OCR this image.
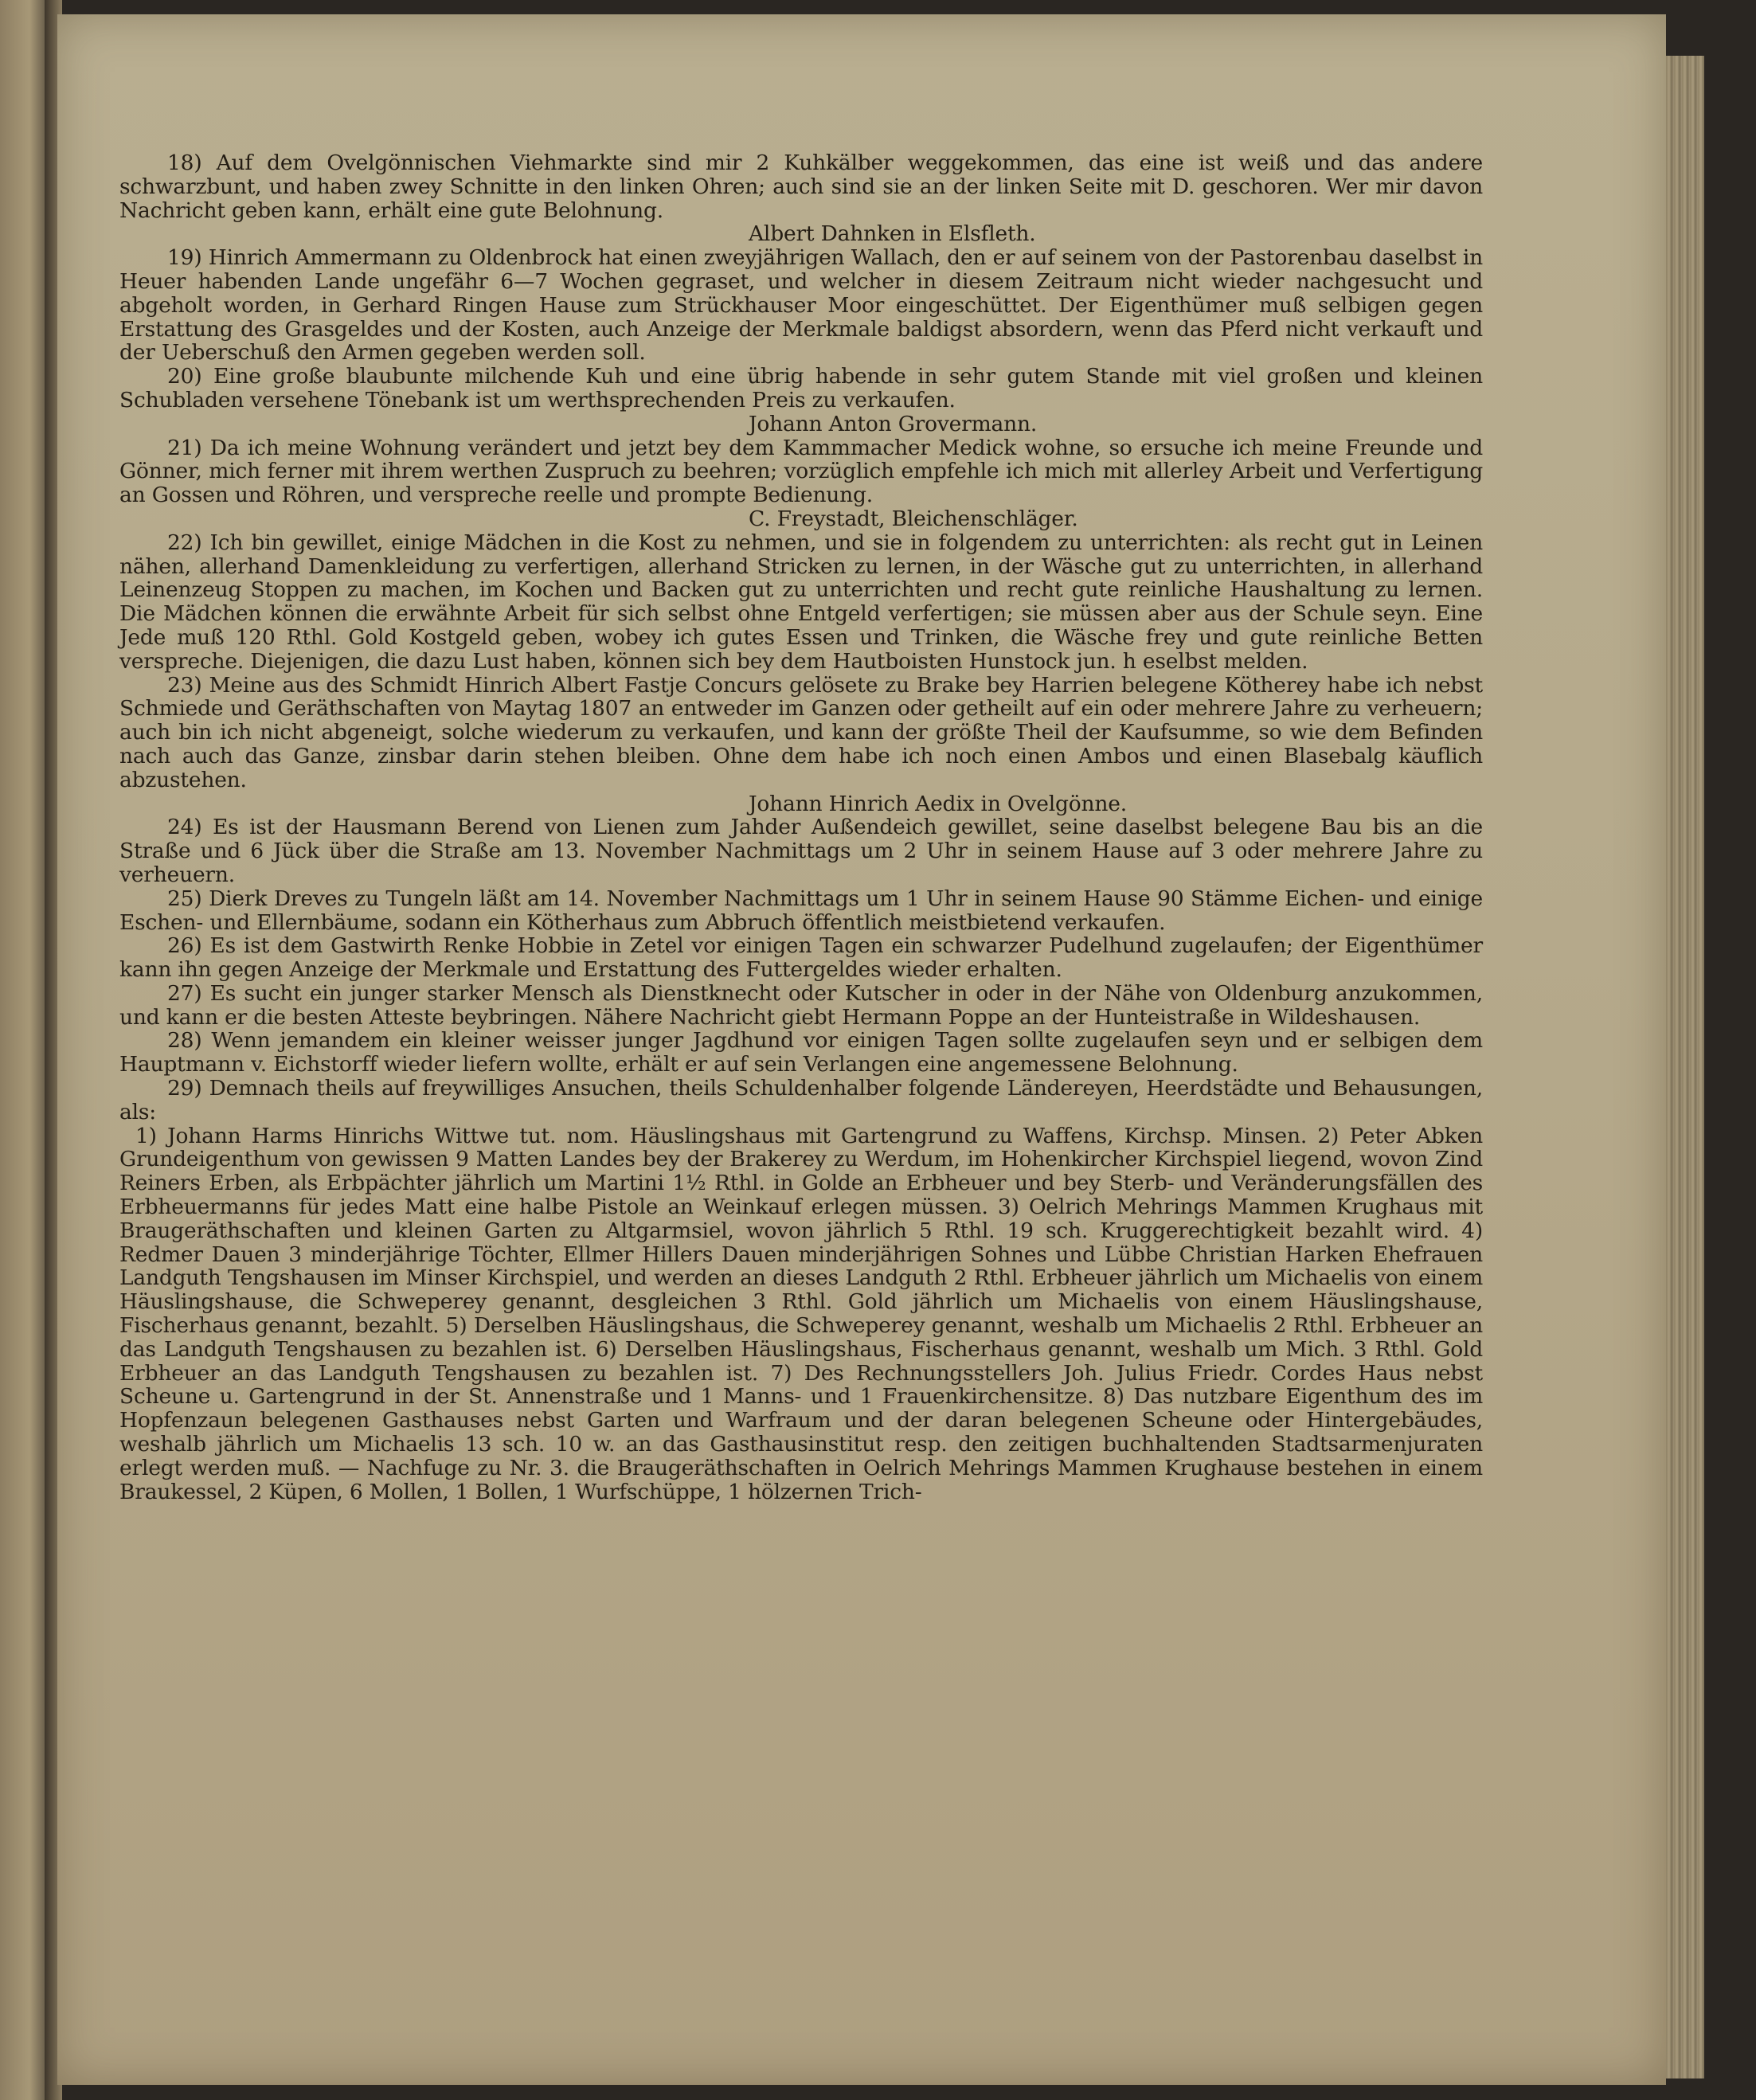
18) Auf dem Ovelgönnischen Viehmarkte sind mir 2 Kuhkälber weggekommen, das eine ist weiß und das andere schwarzbunt, und haben zwey Schnitte in den linken Ohren; auch sind sie an der linken Seite mit D. geschoren. Wer mir davon Nachricht geben kann, erhält eine gute Belohnung.

Albert Dahnken in Elsfleth.

19) Hinrich Ammermann zu Oldenbrock hat einen zweyjährigen Wallach, den er auf seinem von der Pastorenbau daselbst in Heuer habenden Lande ungefähr 6—7 Wochen gegraset, und welcher in diesem Zeitraum nicht wieder nachgesucht und abgeholt worden, in Gerhard Ringen Hause zum Strückhauser Moor eingeschüttet. Der Eigenthümer muß selbigen gegen Erstattung des Grasgeldes und der Kosten, auch Anzeige der Merkmale baldigst absordern, wenn das Pferd nicht verkauft und der Ueberschuß den Armen gegeben werden soll.

20) Eine große blaubunte milchende Kuh und eine übrig habende in sehr gutem Stande mit viel großen und kleinen Schubladen versehene Tönebank ist um werthsprechenden Preis zu verkaufen.

Johann Anton Grovermann.

21) Da ich meine Wohnung verändert und jetzt bey dem Kammmacher Medick wohne, so ersuche ich meine Freunde und Gönner, mich ferner mit ihrem werthen Zuspruch zu beehren; vorzüglich empfehle ich mich mit allerley Arbeit und Verfertigung an Gossen und Röhren, und verspreche reelle und prompte Bedienung.

C. Freystadt, Bleichenschläger.

22) Ich bin gewillet, einige Mädchen in die Kost zu nehmen, und sie in folgendem zu unterrichten: als recht gut in Leinen nähen, allerhand Damenkleidung zu verfertigen, allerhand Stricken zu lernen, in der Wäsche gut zu unterrichten, in allerhand Leinenzeug Stoppen zu machen, im Kochen und Backen gut zu unterrichten und recht gute reinliche Haushaltung zu lernen. Die Mädchen können die erwähnte Arbeit für sich selbst ohne Entgeld verfertigen; sie müssen aber aus der Schule seyn. Eine Jede muß 120 Rthl. Gold Kostgeld geben, wobey ich gutes Essen und Trinken, die Wäsche frey und gute reinliche Betten verspreche. Diejenigen, die dazu Lust haben, können sich bey dem Hautboisten Hunstock jun. h eselbst melden.

23) Meine aus des Schmidt Hinrich Albert Fastje Concurs gelösete zu Brake bey Harrien belegene Kötherey habe ich nebst Schmiede und Geräthschaften von Maytag 1807 an entweder im Ganzen oder getheilt auf ein oder mehrere Jahre zu verheuern; auch bin ich nicht abgeneigt, solche wiederum zu verkaufen, und kann der größte Theil der Kaufsumme, so wie dem Befinden nach auch das Ganze, zinsbar darin stehen bleiben. Ohne dem habe ich noch einen Ambos und einen Blasebalg käuflich abzustehen.

Johann Hinrich Aedix in Ovelgönne.

24) Es ist der Hausmann Berend von Lienen zum Jahder Außendeich gewillet, seine daselbst belegene Bau bis an die Straße und 6 Jück über die Straße am 13. November Nachmittags um 2 Uhr in seinem Hause auf 3 oder mehrere Jahre zu verheuern.

25) Dierk Dreves zu Tungeln läßt am 14. November Nachmittags um 1 Uhr in seinem Hause 90 Stämme Eichen- und einige Eschen- und Ellernbäume, sodann ein Kötherhaus zum Abbruch öffentlich meistbietend verkaufen.

26) Es ist dem Gastwirth Renke Hobbie in Zetel vor einigen Tagen ein schwarzer Pudelhund zugelaufen; der Eigenthümer kann ihn gegen Anzeige der Merkmale und Erstattung des Futtergeldes wieder erhalten.

27) Es sucht ein junger starker Mensch als Dienstknecht oder Kutscher in oder in der Nähe von Oldenburg anzukommen, und kann er die besten Atteste beybringen. Nähere Nachricht giebt Hermann Poppe an der Hunteistraße in Wildeshausen.

28) Wenn jemandem ein kleiner weisser junger Jagdhund vor einigen Tagen sollte zugelaufen seyn und er selbigen dem Hauptmann v. Eichstorff wieder liefern wollte, erhält er auf sein Verlangen eine angemessene Belohnung.

29) Demnach theils auf freywilliges Ansuchen, theils Schuldenhalber folgende Ländereyen, Heerdstädte und Behausungen, als:

1) Johann Harms Hinrichs Wittwe tut. nom. Häuslingshaus mit Gartengrund zu Waffens, Kirchsp. Minsen. 2) Peter Abken Grundeigenthum von gewissen 9 Matten Landes bey der Brakerey zu Werdum, im Hohenkircher Kirchspiel liegend, wovon Zind Reiners Erben, als Erbpächter jährlich um Martini 1½ Rthl. in Golde an Erbheuer und bey Sterb- und Veränderungsfällen des Erbheuermanns für jedes Matt eine halbe Pistole an Weinkauf erlegen müssen. 3) Oelrich Mehrings Mammen Krughaus mit Braugeräthschaften und kleinen Garten zu Altgarmsiel, wovon jährlich 5 Rthl. 19 sch. Kruggerechtigkeit bezahlt wird. 4) Redmer Dauen 3 minderjährige Töchter, Ellmer Hillers Dauen minderjährigen Sohnes und Lübbe Christian Harken Ehefrauen Landguth Tengshausen im Minser Kirchspiel, und werden an dieses Landguth 2 Rthl. Erbheuer jährlich um Michaelis von einem Häuslingshause, die Schweperey genannt, desgleichen 3 Rthl. Gold jährlich um Michaelis von einem Häuslingshause, Fischerhaus genannt, bezahlt. 5) Derselben Häuslingshaus, die Schweperey genannt, weshalb um Michaelis 2 Rthl. Erbheuer an das Landguth Tengshausen zu bezahlen ist. 6) Derselben Häuslingshaus, Fischerhaus genannt, weshalb um Mich. 3 Rthl. Gold Erbheuer an das Landguth Tengshausen zu bezahlen ist. 7) Des Rechnungsstellers Joh. Julius Friedr. Cordes Haus nebst Scheune u. Gartengrund in der St. Annenstraße und 1 Manns- und 1 Frauenkirchensitze. 8) Das nutzbare Eigenthum des im Hopfenzaun belegenen Gasthauses nebst Garten und Warfraum und der daran belegenen Scheune oder Hintergebäudes, weshalb jährlich um Michaelis 13 sch. 10 w. an das Gasthausinstitut resp. den zeitigen buchhaltenden Stadtsarmenjuraten erlegt werden muß. — Nachfuge zu Nr. 3. die Braugeräthschaften in Oelrich Mehrings Mammen Krughause bestehen in einem Braukessel, 2 Küpen, 6 Mollen, 1 Bollen, 1 Wurfschüppe, 1 hölzernen Trich-
